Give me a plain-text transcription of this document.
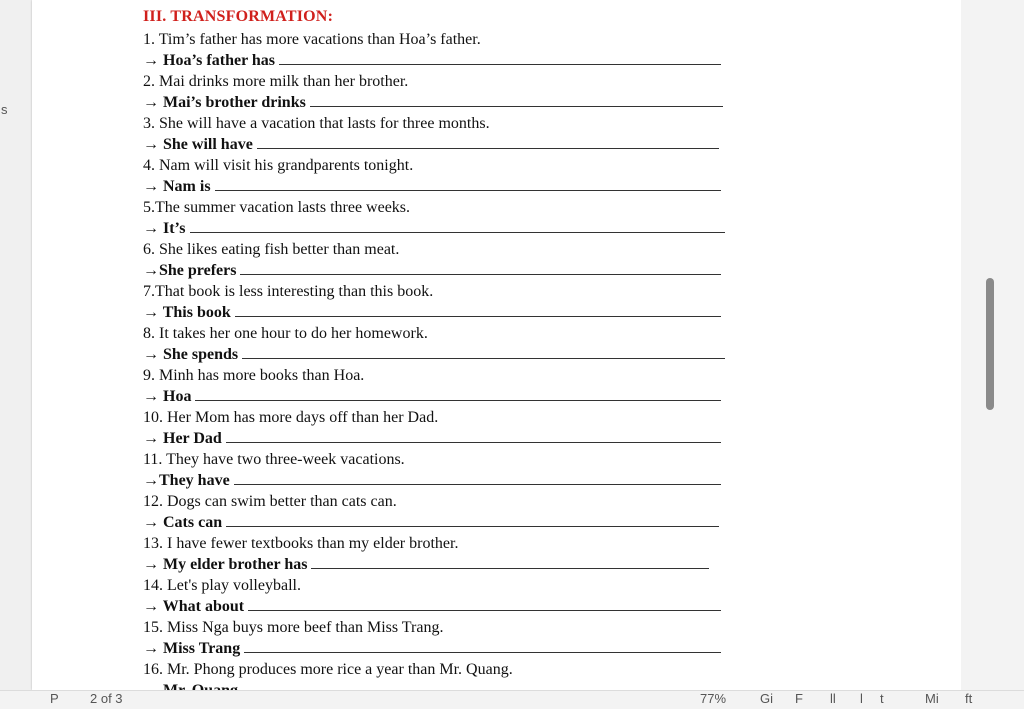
s
III. TRANSFORMATION:
1. Tim’s father has more vacations than Hoa’s father.
→ Hoa’s father has
2. Mai drinks more milk than her brother.
→ Mai’s brother drinks
3. She will have a vacation that lasts for three months.
→ She will have
4. Nam will visit his grandparents tonight.
→ Nam is
5.The summer vacation lasts three weeks.
→ It’s
6. She likes eating fish better than meat.
→She prefers
7.That book is less interesting than this book.
→ This book
8. It takes her one hour to do her homework.
→ She spends
9. Minh has more books than Hoa.
→ Hoa
10. Her Mom has more days off than her Dad.
→ Her Dad
11. They have two three-week vacations.
→They have
12. Dogs can swim better than cats can.
→ Cats can
13. I have fewer textbooks than my elder brother.
→ My elder brother has
14. Let's play volleyball.
→ What about
15. Miss Nga buys more beef than Miss Trang.
→ Miss Trang
16. Mr. Phong produces more rice a year than Mr. Quang.
P 2 of 3	77%	Gi F ll l t	Mi ft
